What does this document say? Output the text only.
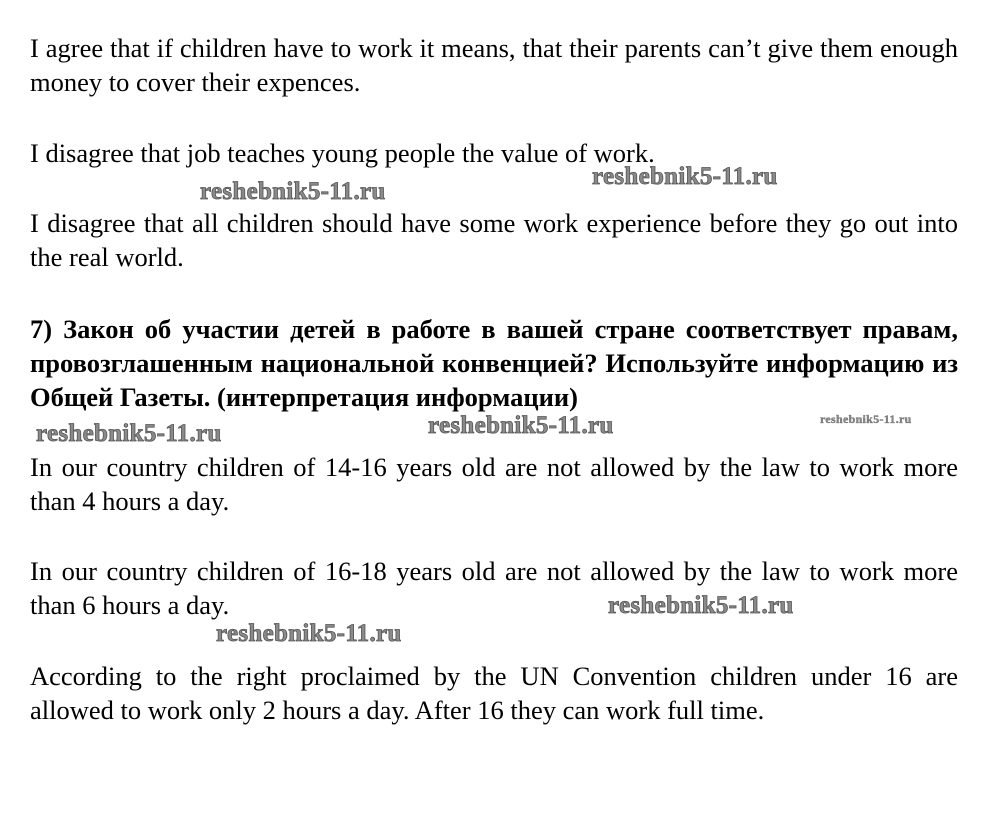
I agree that if children have to work it means, that their parents can’t give them enough money to cover their expences.
I disagree that job teaches young people the value of work.
I disagree that all children should have some work experience before they go out into the real world.
7) Закон об участии детей в работе в вашей стране соответствует правам, провозглашенным национальной конвенцией? Используйте информацию из Общей Газеты. (интерпретация информации)
In our country children of 14-16 years old are not allowed by the law to work more than 4 hours a day.
In our country children of 16-18 years old are not allowed by the law to work more than 6 hours a day.
According to the right proclaimed by the UN Convention children under 16 are allowed to work only 2 hours a day. After 16 they can work full time.
reshebnik5-11.ru
reshebnik5-11.ru
reshebnik5-11.ru	reshebnik5-11.ru	reshebnik5-11.ru
reshebnik5-11.ru
reshebnik5-11.ru
